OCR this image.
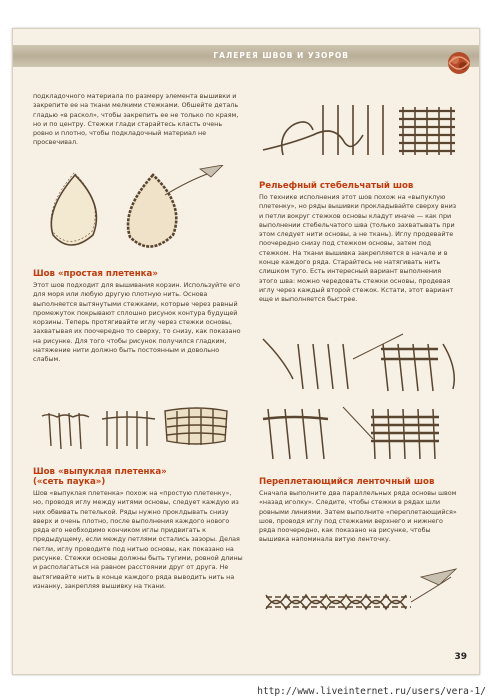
ГАЛЕРЕЯ ШВОВ И УЗОРОВ

подкладочного материала по размеру элемента вышивки и закрепите ее на ткани мелкими стежками. Обшейте деталь гладью «в раскол», чтобы закрепить ее не только по краям, но и по центру. Стежки глади старайтесь класть очень ровно и плотно, чтобы подкладочный материал не просвечивал.

Шов «простая плетенка»

Этот шов подходит для вышивания корзин. Используйте его для моря или любую другую плотную нить. Основа выполняется вытянутыми стежками, которые через равный промежуток покрывают сплошно рисунок контура будущей корзины. Теперь протягивайте иглу через стежки основы, захватывая их поочередно то сверху, то снизу, как показано на рисунке. Для того чтобы рисунок получился гладким, натяжение нити должно быть постоянным и довольно слабым.

Шов «выпуклая плетенка»
(«сеть паука»)

Шов «выпуклая плетенка» похож на «простую плетенку», но, проводя иглу между нитями основы, следует каждую из них обвивать петелькой. Ряды нужно проклдывать снизу вверх и очень плотно, после выполнения каждого нового ряда его необходимо кончиком иглы придвигать к предыдущему, если между петлями остались зазоры. Делая петли, иглу проводите под нитью основы, как показано на рисунке. Стежки основы должны быть тугими, ровной длины и располагаться на равном расстоянии друг от друга. Не вытягивайте нить в конце каждого ряда выводить нить на изнанку, закрепляя вышивку на ткани.

Рельефный стебельчатый шов

По технике исполнения этот шов похож на «выпуклую плетенку», но ряды вышивки прокладывайте сверху вниз и петли вокруг стежков основы кладут иначе — как при выполнении стебельчатого шва (только захватывать при этом следует нити основы, а не ткань). Иглу продевайте поочередно снизу под стежком основы, затем под стежком. На ткани вышивка закрепляется в начале и в конце каждого ряда. Старайтесь не натягивать нить слишком туго. Есть интересный вариант выполнения этого шва: можно чередовать стежки основы, продевая иглу через каждый второй стежок. Кстати, этот вариант еще и выполняется быстрее.

Переплетающийся ленточный шов

Сначала выполните два параллельных ряда основы швом «назад иголку». Следите, чтобы стежки в рядах шли ровными линиями. Затем выполните «переплетающийся» шов, проводя иглу под стежками верхнего и нижнего ряда поочередно, как показано на рисунке, чтобы вышивка напоминала витую ленточку.

39
http://www.liveinternet.ru/users/vera-1/
